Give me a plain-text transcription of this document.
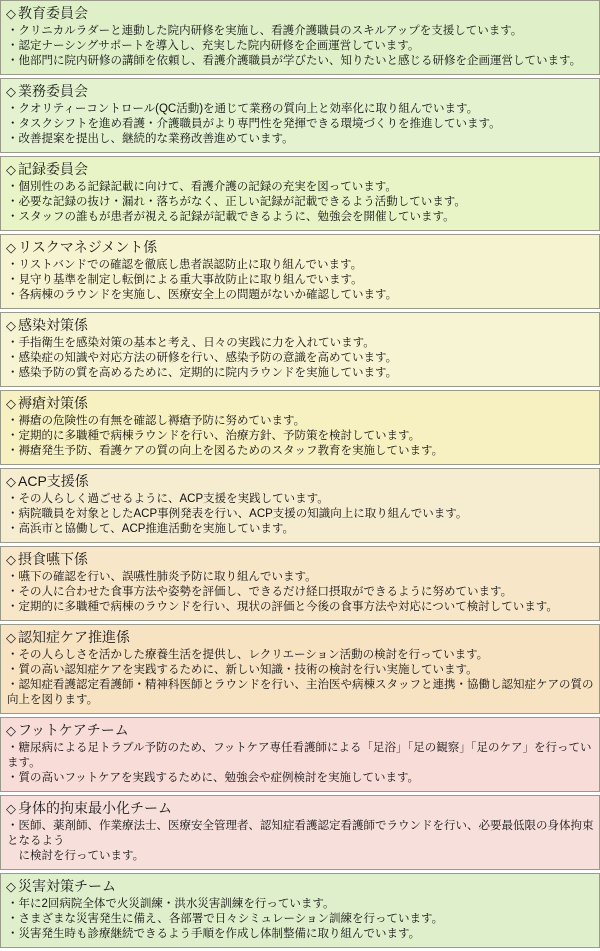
◇ 教育委員会
・クリニカルラダーと連動した院内研修を実施し、看護介護職員のスキルアップを支援しています。
・認定ナーシングサポートを導入し、充実した院内研修を企画運営しています。
・他部門に院内研修の講師を依頼し、看護介護職員が学びたい、知りたいと感じる研修を企画運営しています。
◇ 業務委員会
・クオリティーコントロール(QC活動)を通じて業務の質向上と効率化に取り組んでいます。
・タスクシフトを進め看護・介護職員がより専門性を発揮できる環境づくりを推進しています。
・改善提案を提出し、継続的な業務改善進めています。
◇ 記録委員会
・個別性のある記録記載に向けて、看護介護の記録の充実を図っています。
・必要な記録の抜け・漏れ・落ちがなく、正しい記録が記載できるよう活動しています。
・スタッフの誰もが患者が視える記録が記載できるように、勉強会を開催しています。
◇ リスクマネジメント係
・リストバンドでの確認を徹底し患者誤認防止に取り組んでいます。
・見守り基準を制定し転倒による重大事故防止に取り組んでいます。
・各病棟のラウンドを実施し、医療安全上の問題がないか確認しています。
◇ 感染対策係
・手指衛生を感染対策の基本と考え、日々の実践に力を入れています。
・感染症の知識や対応方法の研修を行い、感染予防の意識を高めています。
・感染予防の質を高めるために、定期的に院内ラウンドを実施しています。
◇ 褥瘡対策係
・褥瘡の危険性の有無を確認し褥瘡予防に努めています。
・定期的に多職種で病棟ラウンドを行い、治療方針、予防策を検討しています。
・褥瘡発生予防、看護ケアの質の向上を図るためのスタッフ教育を実施しています。
◇ ACP支援係
・その人らしく過ごせるように、ACP支援を実践しています。
・病院職員を対象としたACP事例発表を行い、ACP支援の知識向上に取り組んでいます。
・高浜市と協働して、ACP推進活動を実施しています。
◇ 摂食嚥下係
・嚥下の確認を行い、誤嚥性肺炎予防に取り組んでいます。
・その人に合わせた食事方法や姿勢を評価し、できるだけ経口摂取ができるように努めています。
・定期的に多職種で病棟のラウンドを行い、現状の評価と今後の食事方法や対応について検討しています。
◇ 認知症ケア推進係
・その人らしさを活かした療養生活を提供し、レクリエーション活動の検討を行っています。
・質の高い認知症ケアを実践するために、新しい知識・技術の検討を行い実施しています。
・認知症看護認定看護師・精神科医師とラウンドを行い、主治医や病棟スタッフと連携・協働し認知症ケアの質の向上を図ります。
◇ フットケアチーム
・糖尿病による足トラブル予防のため、フットケア専任看護師による「足浴」「足の観察」「足のケア」を行っています。
・質の高いフットケアを実践するために、勉強会や症例検討を実施しています。
◇ 身体的拘束最小化チーム
・医師、薬剤師、作業療法士、医療安全管理者、認知症看護認定看護師でラウンドを行い、必要最低限の身体拘束となるよう
　に検討を行っています。
◇ 災害対策チーム
・年に2回病院全体で火災訓練・洪水災害訓練を行っています。
・さまざまな災害発生に備え、各部署で日々シミュレーション訓練を行っています。
・災害発生時も診療継続できるよう手順を作成し体制整備に取り組んでいます。
